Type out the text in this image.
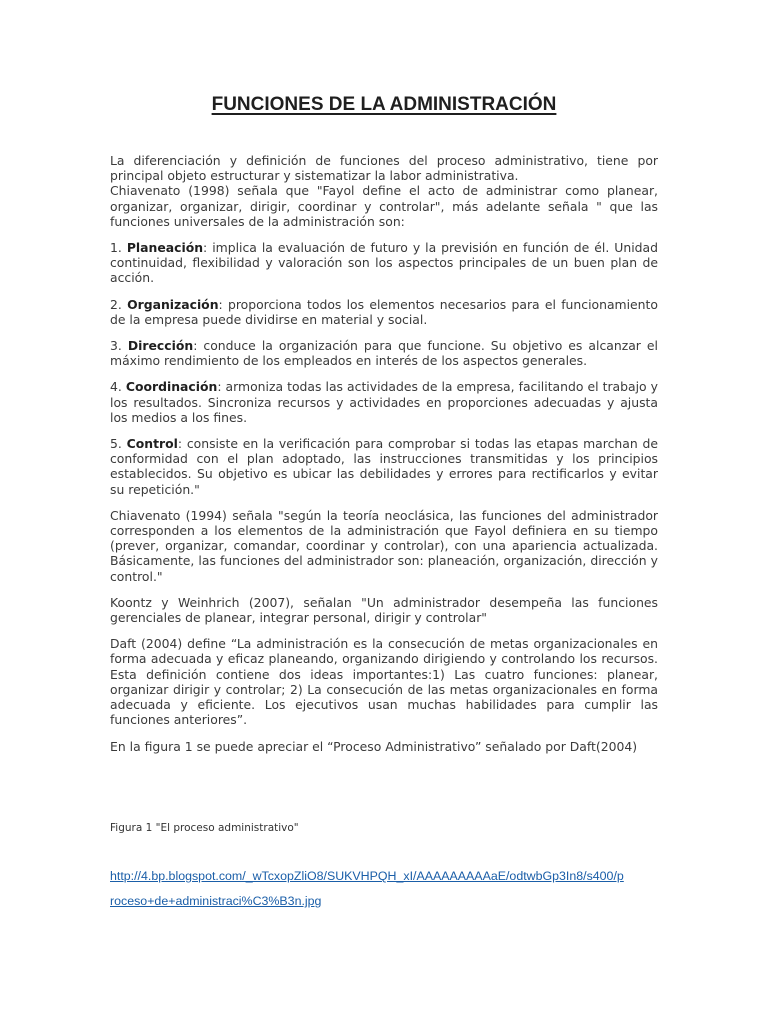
FUNCIONES DE LA ADMINISTRACIÓN

La diferenciación y definición de funciones del proceso administrativo, tiene por principal objeto estructurar y sistematizar la labor administrativa.

Chiavenato (1998) señala que "Fayol define el acto de administrar como planear, organizar, organizar, dirigir, coordinar y controlar", más adelante señala " que las funciones universales de la administración son:

1. Planeación: implica la evaluación de futuro y la previsión en función de él. Unidad continuidad, flexibilidad y valoración son los aspectos principales de un buen plan de acción.

2. Organización: proporciona todos los elementos necesarios para el funcionamiento de la empresa puede dividirse en material y social.

3. Dirección: conduce la organización para que funcione. Su objetivo es alcanzar el máximo rendimiento de los empleados en interés de los aspectos generales.

4. Coordinación: armoniza todas las actividades de la empresa, facilitando el trabajo y los resultados. Sincroniza recursos y actividades en proporciones adecuadas y ajusta los medios a los fines.

5. Control: consiste en la verificación para comprobar si todas las etapas marchan de conformidad con el plan adoptado, las instrucciones transmitidas y los principios establecidos. Su objetivo es ubicar las debilidades y errores para rectificarlos y evitar su repetición."

Chiavenato (1994) señala "según la teoría neoclásica, las funciones del administrador corresponden a los elementos de la administración que Fayol definiera en su tiempo (prever, organizar, comandar, coordinar y controlar), con una apariencia actualizada. Básicamente, las funciones del administrador son: planeación, organización, dirección y control."

Koontz y Weinhrich (2007), señalan "Un administrador desempeña las funciones gerenciales de planear, integrar personal, dirigir y controlar"

Daft (2004) define “La administración es la consecución de metas organizacionales en forma adecuada y eficaz planeando, organizando dirigiendo y controlando los recursos. Esta definición contiene dos ideas importantes:1) Las cuatro funciones: planear, organizar dirigir y controlar; 2) La consecución de las metas organizacionales en forma adecuada y eficiente. Los ejecutivos usan muchas habilidades para cumplir las funciones anteriores”.

En la figura 1 se puede apreciar el “Proceso Administrativo” señalado por Daft(2004)

Figura 1 "El proceso administrativo"

http://4.bp.blogspot.com/_wTcxopZliO8/SUKVHPQH_xI/AAAAAAAAAaE/odtwbGp3In8/s400/p
roceso+de+administraci%C3%B3n.jpg
